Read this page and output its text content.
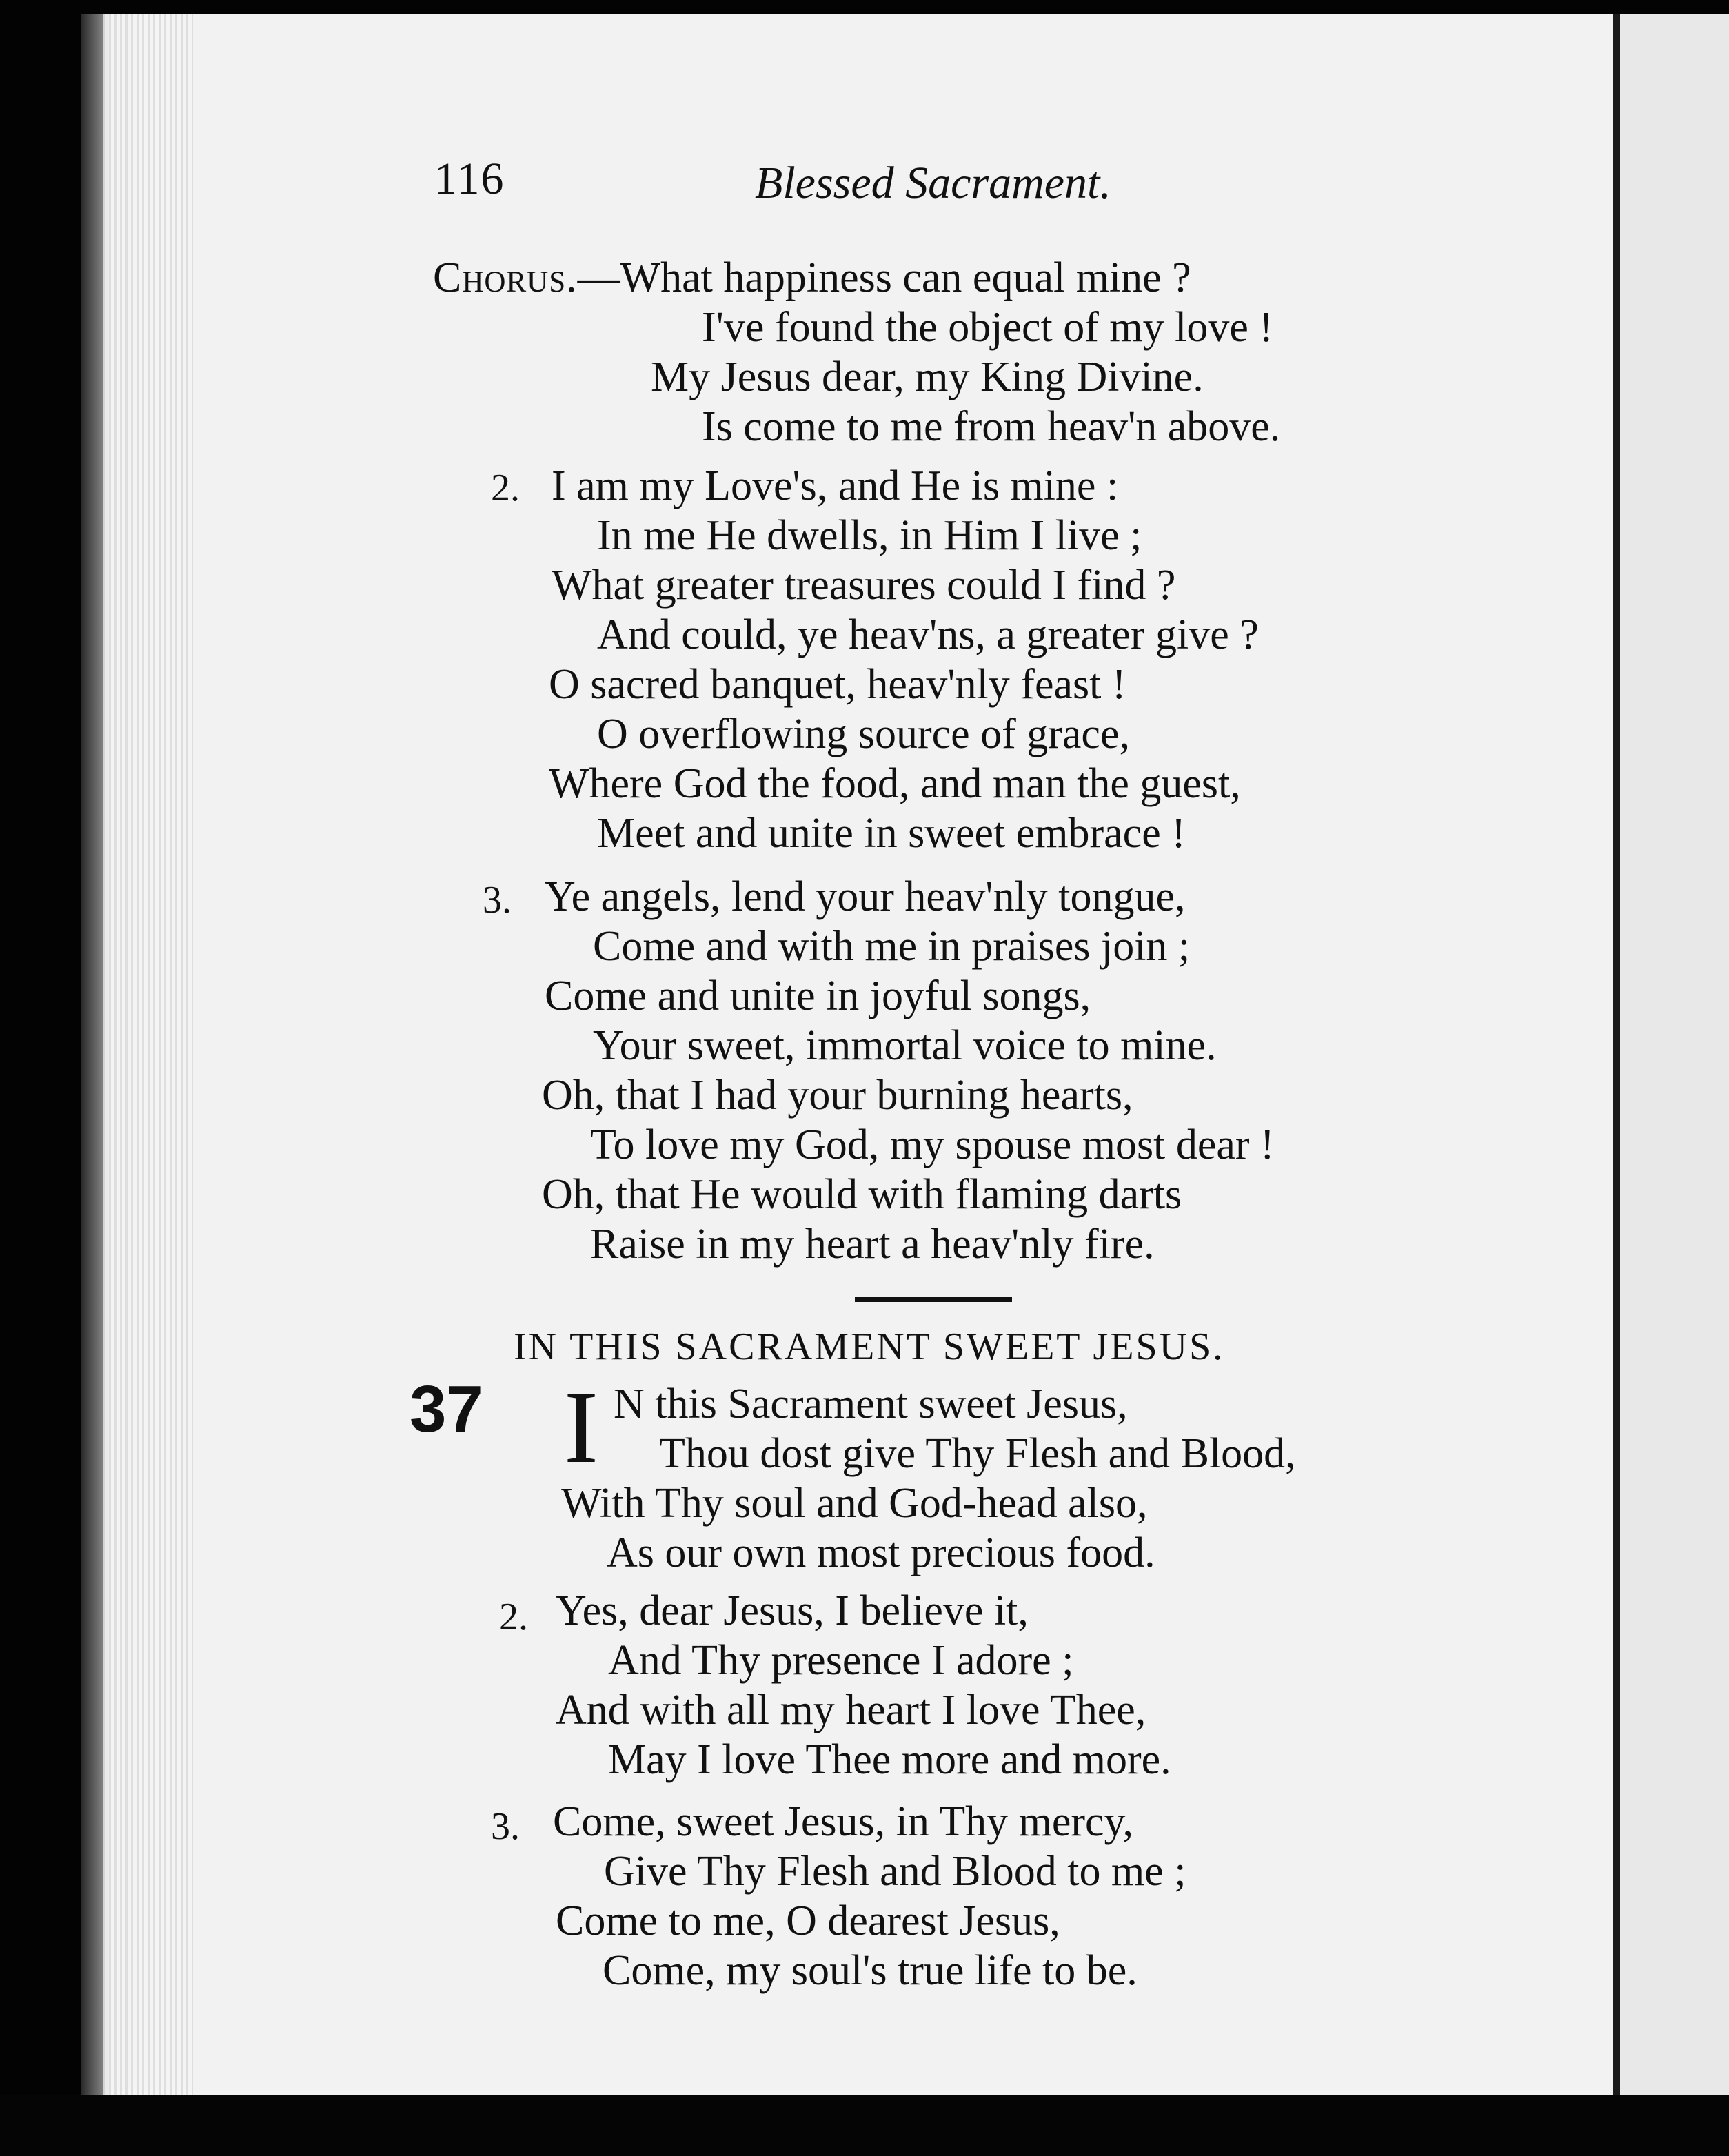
116	Blessed Sacrament.
Chorus.—What happiness can equal mine ?
I've found the object of my love !
My Jesus dear, my King Divine.
Is come to me from heav'n above.
2. I am my Love's, and He is mine :
In me He dwells, in Him I live ;
What greater treasures could I find ?
And could, ye heav'ns, a greater give ?
O sacred banquet, heav'nly feast !
O overflowing source of grace,
Where God the food, and man the guest,
Meet and unite in sweet embrace !
3. Ye angels, lend your heav'nly tongue,
Come and with me in praises join ;
Come and unite in joyful songs,
Your sweet, immortal voice to mine.
Oh, that I had your burning hearts,
To love my God, my spouse most dear !
Oh, that He would with flaming darts
Raise in my heart a heav'nly fire.
IN THIS SACRAMENT SWEET JESUS.
37 I N this Sacrament sweet Jesus,
Thou dost give Thy Flesh and Blood,
With Thy soul and God-head also,
As our own most precious food.
2. Yes, dear Jesus, I believe it,
And Thy presence I adore ;
And with all my heart I love Thee,
May I love Thee more and more.
3. Come, sweet Jesus, in Thy mercy,
Give Thy Flesh and Blood to me ;
Come to me, O dearest Jesus,
Come, my soul's true life to be.
